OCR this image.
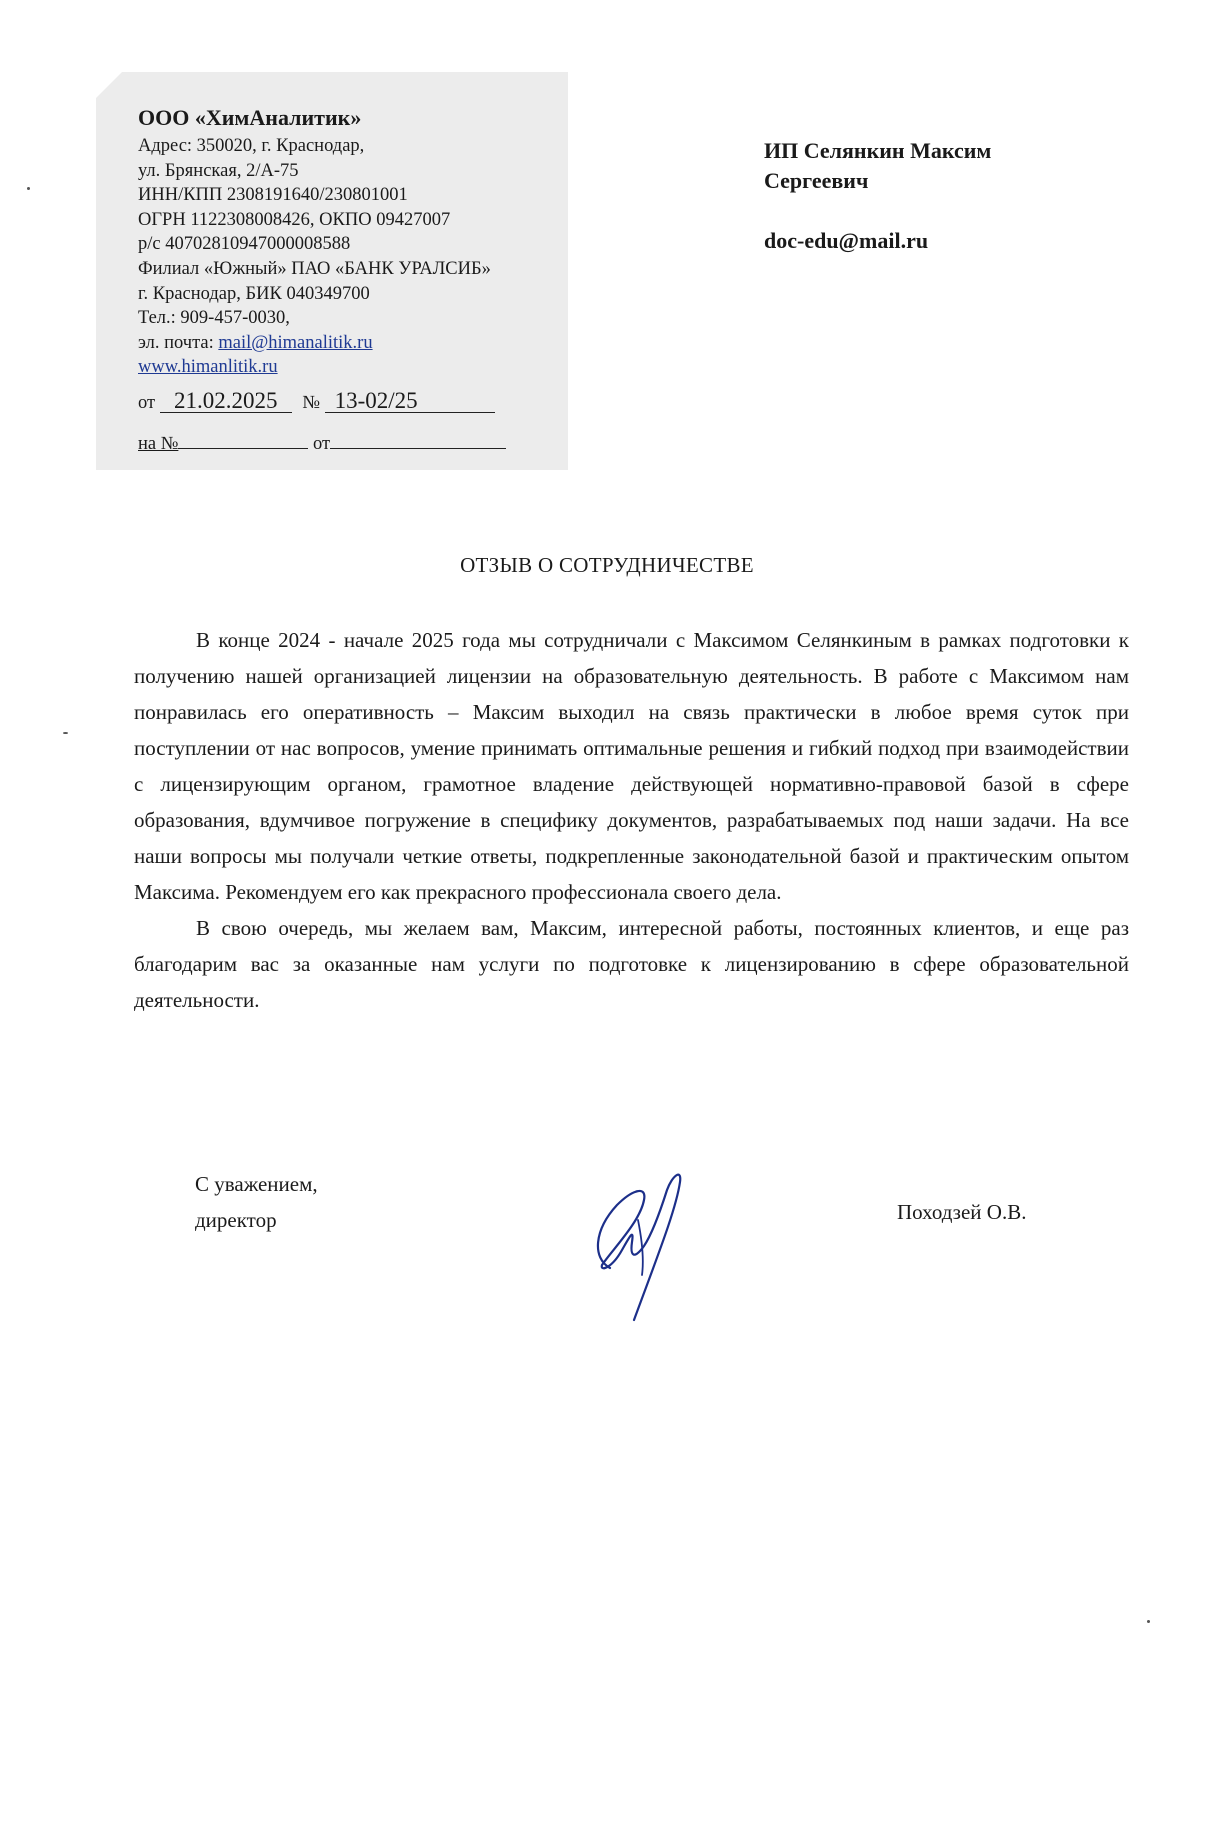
ООО «ХимАналитик»
Адрес: 350020, г. Краснодар,
ул. Брянская, 2/А-75
ИНН/КПП 2308191640/230801001
ОГРН 1122308008426, ОКПО 09427007
р/с 40702810947000008588
Филиал «Южный» ПАО «БАНК УРАЛСИБ»
г. Краснодар, БИК 040349700
Тел.: 909-457-0030,
эл. почта: mail@himanalitik.ru
www.himanlitik.ru
от 21.02.2025 № 13-02/25
на №	от
ИП Селянкин Максим
Сергеевич
doc-edu@mail.ru
ОТЗЫВ О СОТРУДНИЧЕСТВЕ

В конце 2024 - начале 2025 года мы сотрудничали с Максимом Селянкиным в рамках подготовки к получению нашей организацией лицензии на образовательную деятельность. В работе с Максимом нам понравилась его оперативность – Максим выходил на связь практически в любое время суток при поступлении от нас вопросов, умение принимать оптимальные решения и гибкий подход при взаимодействии с лицензирующим органом, грамотное владение действующей нормативно-правовой базой в сфере образования, вдумчивое погружение в специфику документов, разрабатываемых под наши задачи. На все наши вопросы мы получали четкие ответы, подкрепленные законодательной базой и практическим опытом Максима. Рекомендуем его как прекрасного профессионала своего дела.

В свою очередь, мы желаем вам, Максим, интересной работы, постоянных клиентов, и еще раз благодарим вас за оказанные нам услуги по подготовке к лицензированию в сфере образовательной деятельности.

С уважением,
директор	Походзей О.В.
